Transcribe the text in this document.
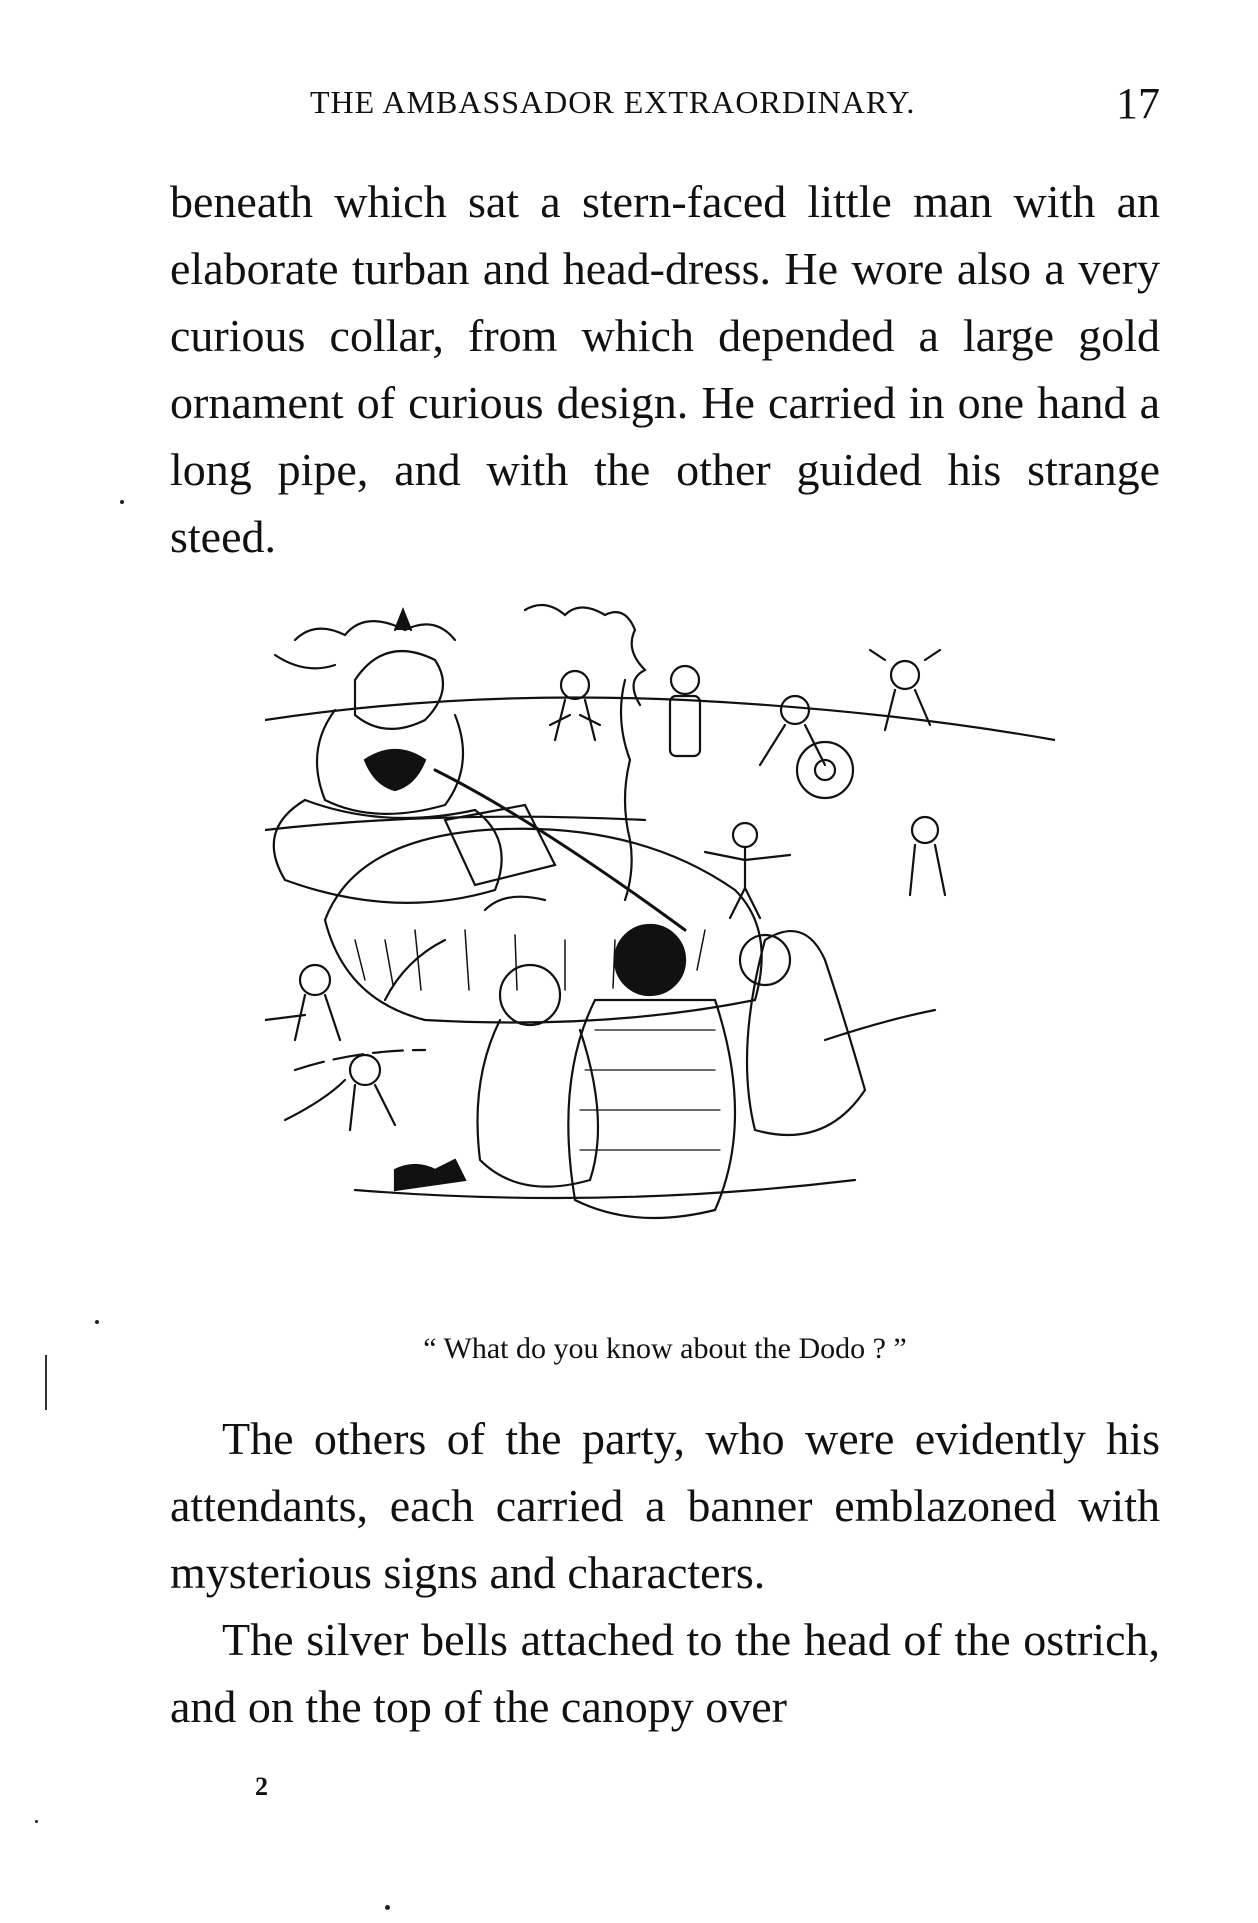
THE AMBASSADOR EXTRAORDINARY.	17

beneath which sat a stern-faced little man with an elaborate turban and head-dress. He wore also a very curious collar, from which depended a large gold ornament of curious design. He carried in one hand a long pipe, and with the other guided his strange steed.

“ What do you know about the Dodo ? ”

The others of the party, who were evidently his attendants, each carried a banner emblazoned with mysterious signs and characters.

The silver bells attached to the head of the ostrich, and on the top of the canopy over

2
